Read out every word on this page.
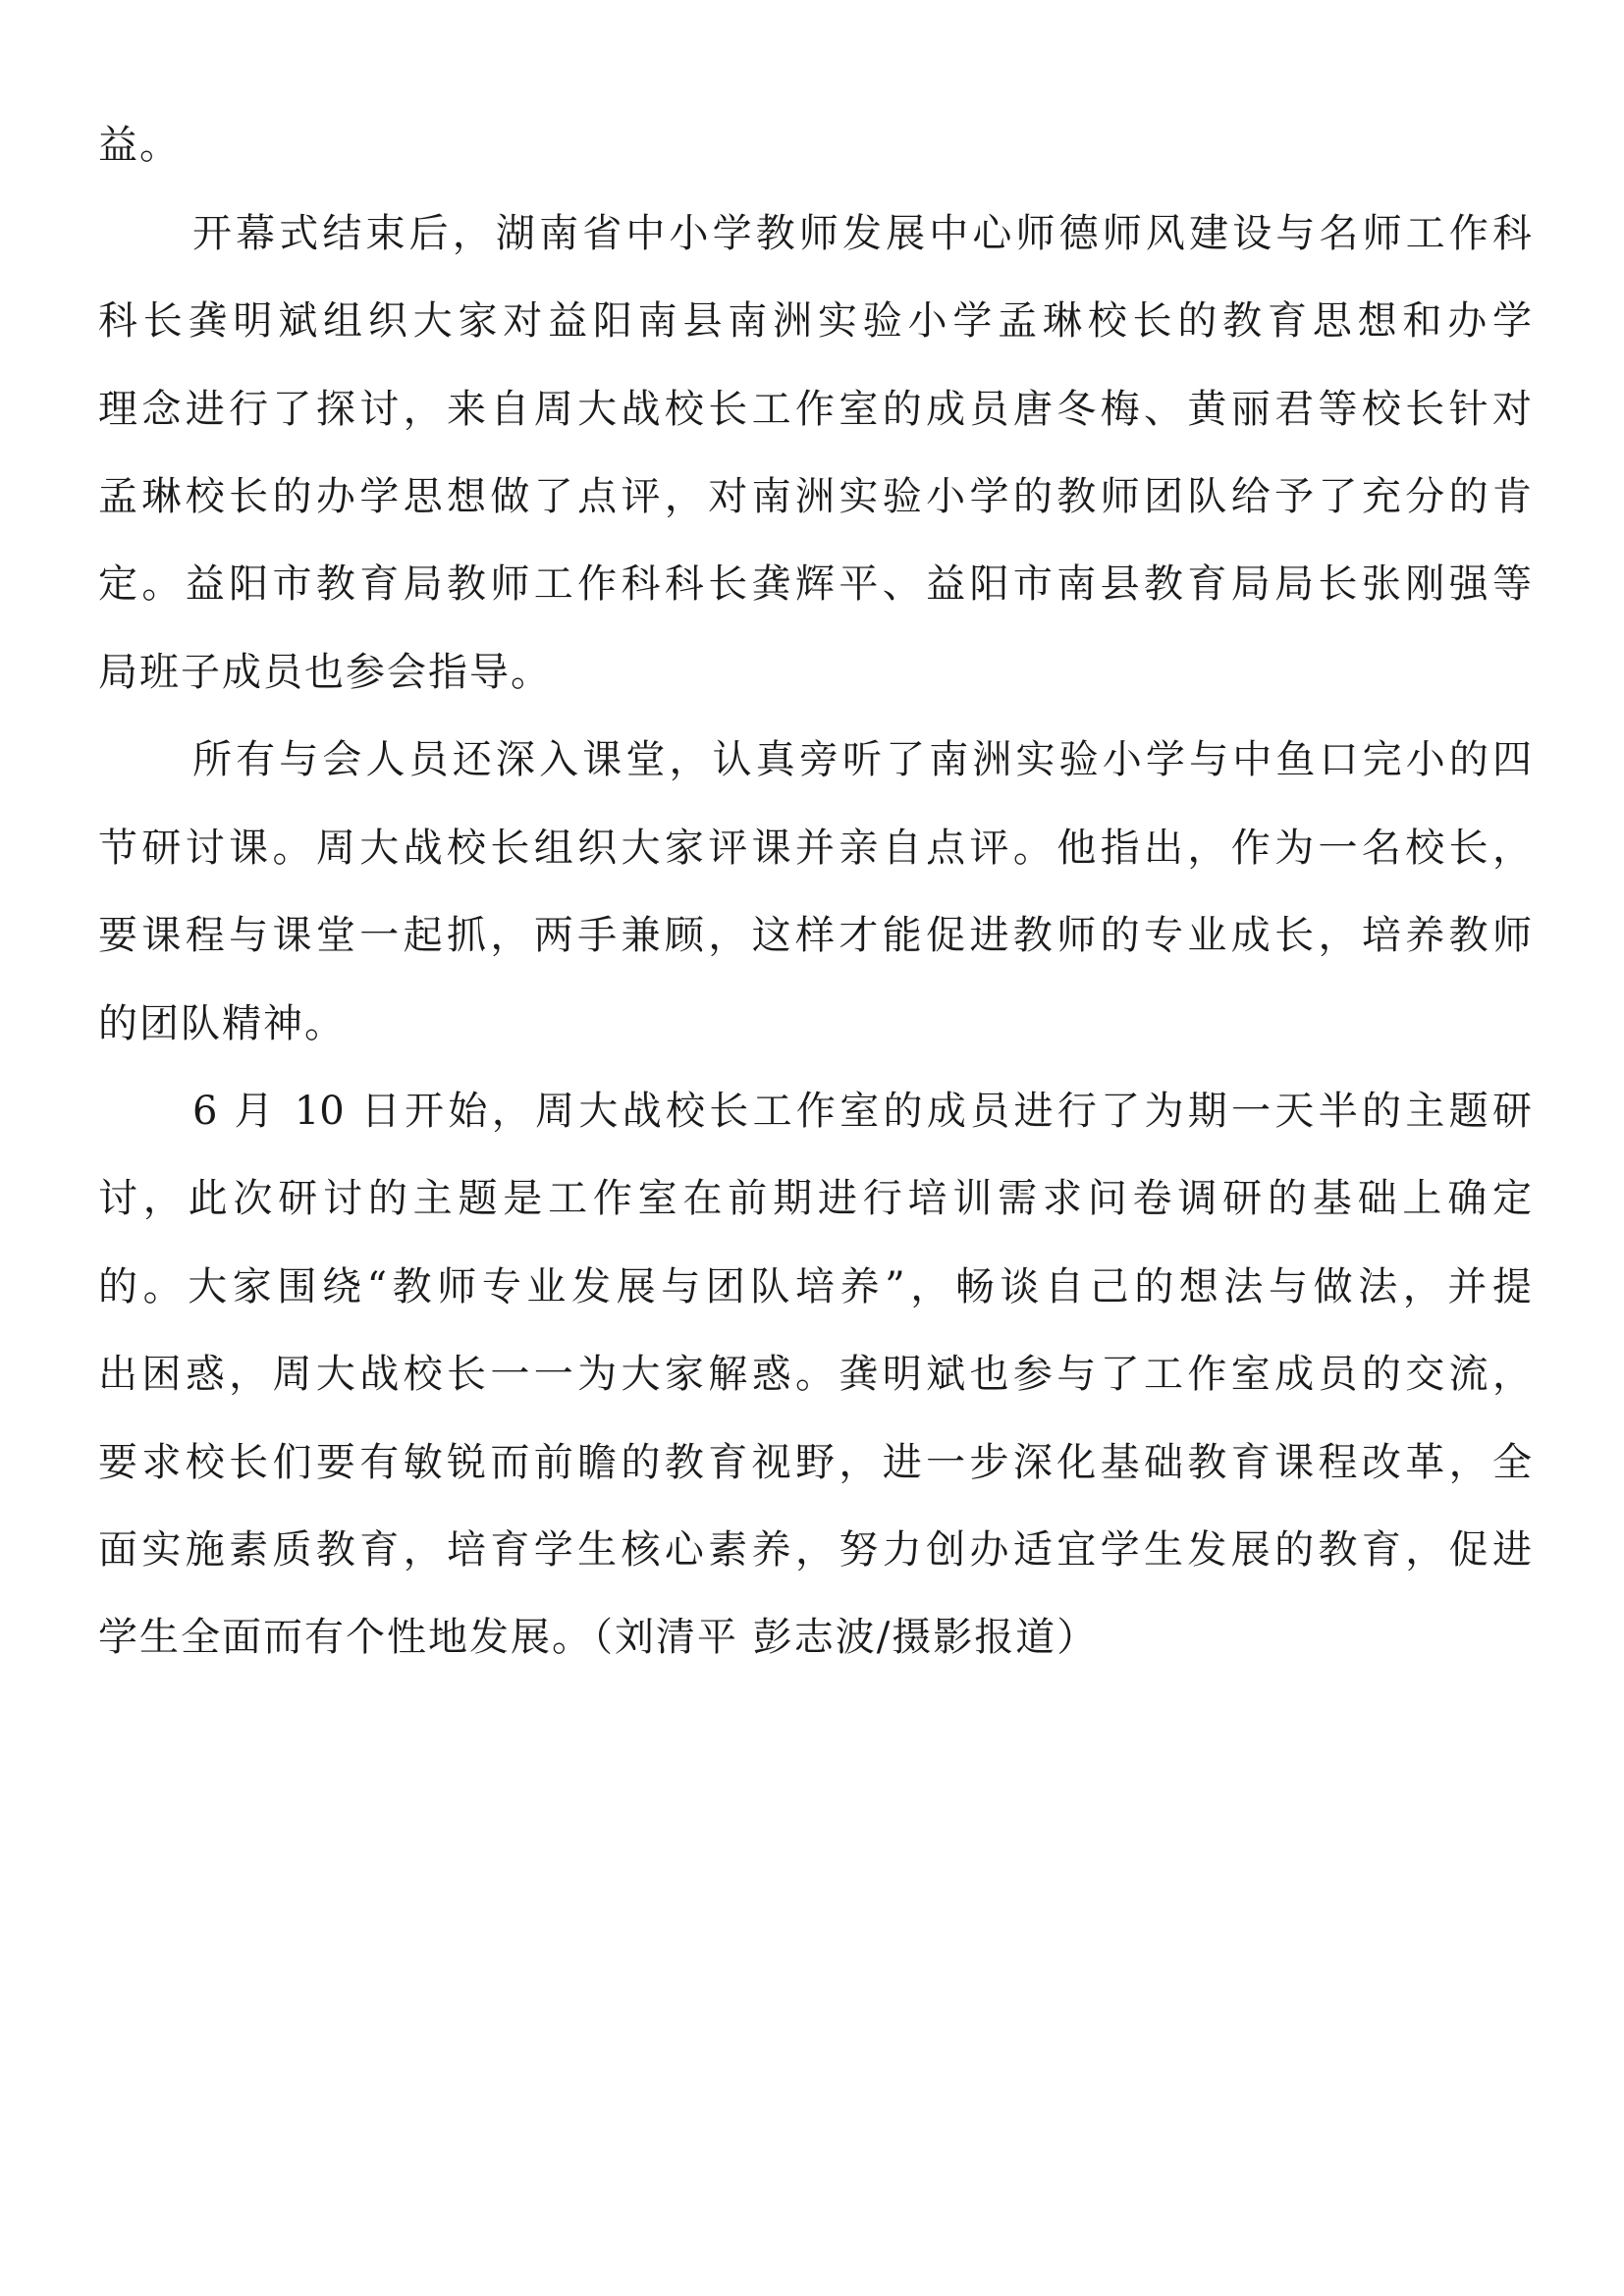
益。
开幕式结束后，湖南省中小学教师发展中心师德师风建设与名师工作科
科长龚明斌组织大家对益阳南县南洲实验小学孟琳校长的教育思想和办学
理念进行了探讨，来自周大战校长工作室的成员唐冬梅、黄丽君等校长针对
孟琳校长的办学思想做了点评，对南洲实验小学的教师团队给予了充分的肯
定。益阳市教育局教师工作科科长龚辉平、益阳市南县教育局局长张刚强等
局班子成员也参会指导。
所有与会人员还深入课堂，认真旁听了南洲实验小学与中鱼口完小的四
节研讨课。周大战校长组织大家评课并亲自点评。他指出，作为一名校长，
要课程与课堂一起抓，两手兼顾，这样才能促进教师的专业成长，培养教师
的团队精神。
6 月 10 日开始，周大战校长工作室的成员进行了为期一天半的主题研
讨，此次研讨的主题是工作室在前期进行培训需求问卷调研的基础上确定
的。大家围绕“教师专业发展与团队培养”，畅谈自己的想法与做法，并提
出困惑，周大战校长一一为大家解惑。龚明斌也参与了工作室成员的交流，
要求校长们要有敏锐而前瞻的教育视野，进一步深化基础教育课程改革，全
面实施素质教育，培育学生核心素养，努力创办适宜学生发展的教育，促进
学生全面而有个性地发展。（刘清平 彭志波/摄影报道）
